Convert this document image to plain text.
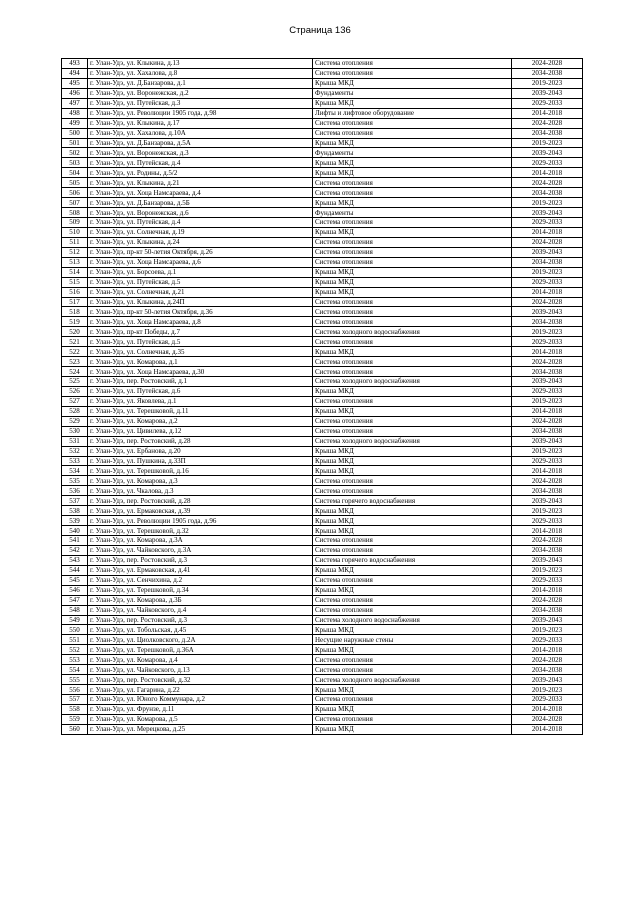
Страница 136
493	г. Улан-Удэ, ул. Клыкина, д.13	Система отопления	2024-2028
494	г. Улан-Удэ, ул. Хахалова, д.8	Система отопления	2034-2038
495	г. Улан-Удэ, ул. Д.Банзарова, д.1	Крыша МКД	2019-2023
496	г. Улан-Удэ, ул. Воронежская, д.2	Фундаменты	2039-2043
497	г. Улан-Удэ, ул. Путейская, д.3	Крыша МКД	2029-2033
498	г. Улан-Удэ, ул. Революции 1905 года, д.98	Лифты и лифтовое оборудование	2014-2018
499	г. Улан-Удэ, ул. Клыкина, д.17	Система отопления	2024-2028
500	г. Улан-Удэ, ул. Хахалова, д.10А	Система отопления	2034-2038
501	г. Улан-Удэ, ул. Д.Банзарова, д.5А	Крыша МКД	2019-2023
502	г. Улан-Удэ, ул. Воронежская, д.3	Фундаменты	2039-2043
503	г. Улан-Удэ, ул. Путейская, д.4	Крыша МКД	2029-2033
504	г. Улан-Удэ, ул. Родины, д.5/2	Крыша МКД	2014-2018
505	г. Улан-Удэ, ул. Клыкина, д.21	Система отопления	2024-2028
506	г. Улан-Удэ, ул. Хоца Намсараева, д.4	Система отопления	2034-2038
507	г. Улан-Удэ, ул. Д.Банзарова, д.5Б	Крыша МКД	2019-2023
508	г. Улан-Удэ, ул. Воронежская, д.6	Фундаменты	2039-2043
509	г. Улан-Удэ, ул. Путейская, д.4	Система отопления	2029-2033
510	г. Улан-Удэ, ул. Солнечная, д.19	Крыша МКД	2014-2018
511	г. Улан-Удэ, ул. Клыкина, д.24	Система отопления	2024-2028
512	г. Улан-Удэ, пр-кт 50-летия Октября, д.26	Система отопления	2039-2043
513	г. Улан-Удэ, ул. Хоца Намсараева, д.6	Система отопления	2034-2038
514	г. Улан-Удэ, ул. Борсоева, д.1	Крыша МКД	2019-2023
515	г. Улан-Удэ, ул. Путейская, д.5	Крыша МКД	2029-2033
516	г. Улан-Удэ, ул. Солнечная, д.21	Крыша МКД	2014-2018
517	г. Улан-Удэ, ул. Клыкина, д.24П	Система отопления	2024-2028
518	г. Улан-Удэ, пр-кт 50-летия Октября, д.36	Система отопления	2039-2043
519	г. Улан-Удэ, ул. Хоца Намсараева, д.8	Система отопления	2034-2038
520	г. Улан-Удэ, пр-кт Победы, д.7	Система холодного водоснабжения	2019-2023
521	г. Улан-Удэ, ул. Путейская, д.5	Система отопления	2029-2033
522	г. Улан-Удэ, ул. Солнечная, д.35	Крыша МКД	2014-2018
523	г. Улан-Удэ, ул. Комарова, д.1	Система отопления	2024-2028
524	г. Улан-Удэ, ул. Хоца Намсараева, д.30	Система отопления	2034-2038
525	г. Улан-Удэ, пер. Ростовский, д.1	Система холодного водоснабжения	2039-2043
526	г. Улан-Удэ, ул. Путейская, д.6	Крыша МКД	2029-2033
527	г. Улан-Удэ, ул. Яковлева, д.1	Система отопления	2019-2023
528	г. Улан-Удэ, ул. Терешковой, д.11	Крыша МКД	2014-2018
529	г. Улан-Удэ, ул. Комарова, д.2	Система отопления	2024-2028
530	г. Улан-Удэ, ул. Цивилева, д.12	Система отопления	2034-2038
531	г. Улан-Удэ, пер. Ростовский, д.28	Система холодного водоснабжения	2039-2043
532	г. Улан-Удэ, ул. Ербанова, д.20	Крыша МКД	2019-2023
533	г. Улан-Удэ, ул. Пушкина, д.33П	Крыша МКД	2029-2033
534	г. Улан-Удэ, ул. Терешковой, д.16	Крыша МКД	2014-2018
535	г. Улан-Удэ, ул. Комарова, д.3	Система отопления	2024-2028
536	г. Улан-Удэ, ул. Чкалова, д.3	Система отопления	2034-2038
537	г. Улан-Удэ, пер. Ростовский, д.28	Система горячего водоснабжения	2039-2043
538	г. Улан-Удэ, ул. Ермаковская, д.39	Крыша МКД	2019-2023
539	г. Улан-Удэ, ул. Революции 1905 года, д.96	Крыша МКД	2029-2033
540	г. Улан-Удэ, ул. Терешковой, д.32	Крыша МКД	2014-2018
541	г. Улан-Удэ, ул. Комарова, д.3А	Система отопления	2024-2028
542	г. Улан-Удэ, ул. Чайковского, д.3А	Система отопления	2034-2038
543	г. Улан-Удэ, пер. Ростовский, д.3	Система горячего водоснабжения	2039-2043
544	г. Улан-Удэ, ул. Ермаковская, д.41	Крыша МКД	2019-2023
545	г. Улан-Удэ, ул. Сенчихина, д.2	Система отопления	2029-2033
546	г. Улан-Удэ, ул. Терешковой, д.34	Крыша МКД	2014-2018
547	г. Улан-Удэ, ул. Комарова, д.3Б	Система отопления	2024-2028
548	г. Улан-Удэ, ул. Чайковского, д.4	Система отопления	2034-2038
549	г. Улан-Удэ, пер. Ростовский, д.3	Система холодного водоснабжения	2039-2043
550	г. Улан-Удэ, ул. Тобольская, д.45	Крыша МКД	2019-2023
551	г. Улан-Удэ, ул. Циолковского, д.2А	Несущие наружные стены	2029-2033
552	г. Улан-Удэ, ул. Терешковой, д.36А	Крыша МКД	2014-2018
553	г. Улан-Удэ, ул. Комарова, д.4	Система отопления	2024-2028
554	г. Улан-Удэ, ул. Чайковского, д.13	Система отопления	2034-2038
555	г. Улан-Удэ, пер. Ростовский, д.32	Система холодного водоснабжения	2039-2043
556	г. Улан-Удэ, ул. Гагарина, д.22	Крыша МКД	2019-2023
557	г. Улан-Удэ, ул. Юного Коммунара, д.2	Система отопления	2029-2033
558	г. Улан-Удэ, ул. Фрунзе, д.11	Крыша МКД	2014-2018
559	г. Улан-Удэ, ул. Комарова, д.5	Система отопления	2024-2028
560	г. Улан-Удэ, ул. Мерецкова, д.25	Крыша МКД	2014-2018
